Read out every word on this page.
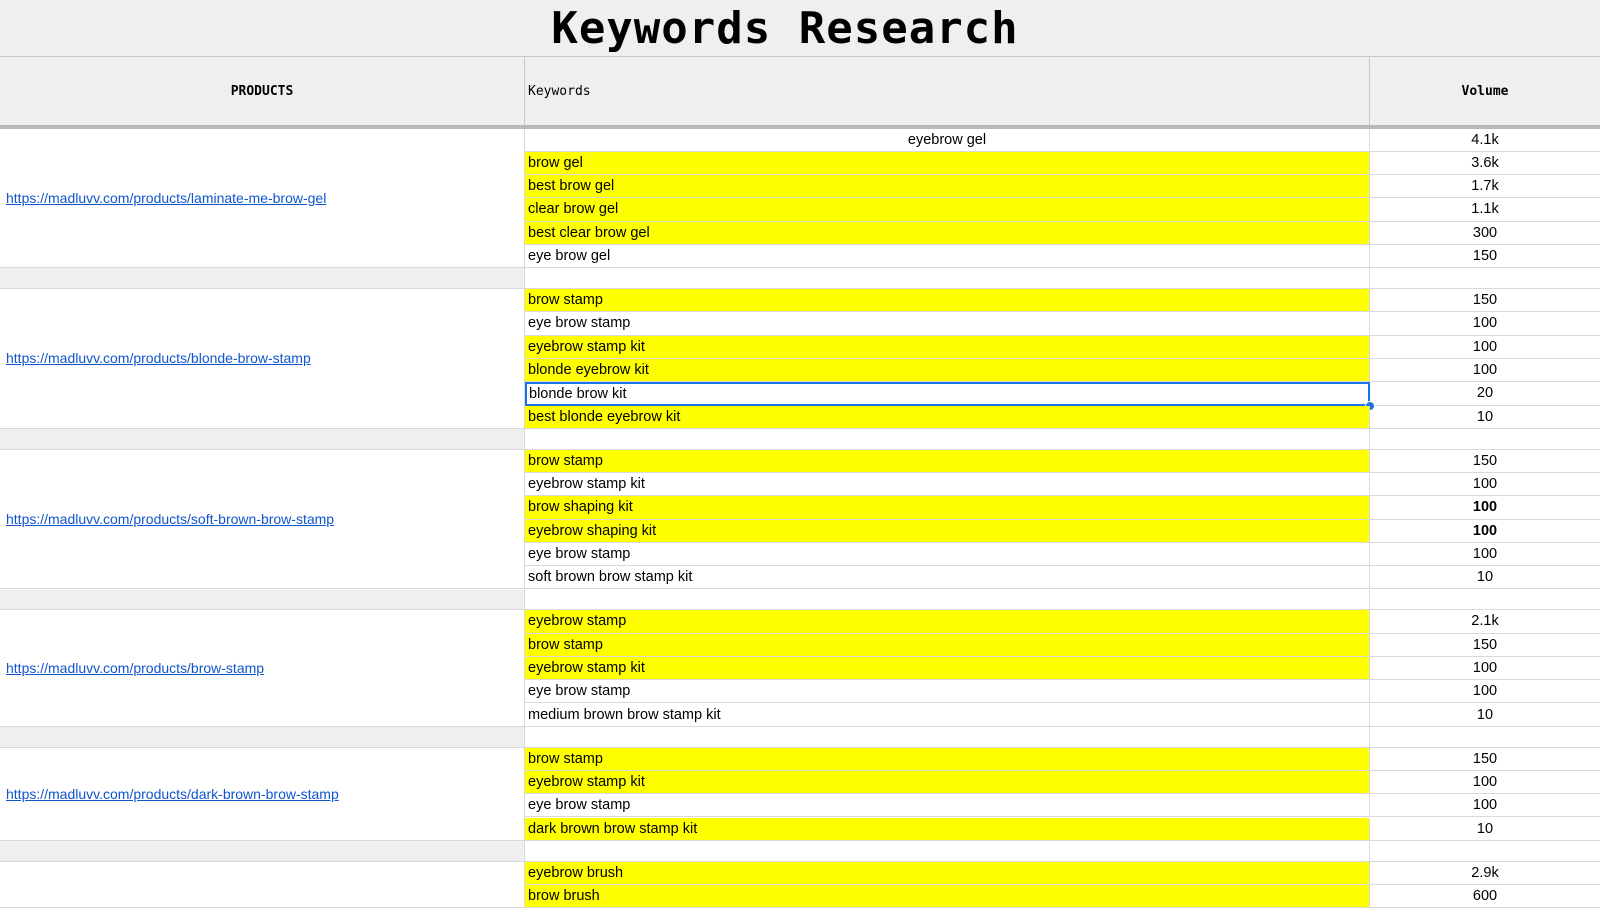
Keywords Research
PRODUCTS	Keywords	Volume
https://madluvv.com/products/laminate-me-brow-gel
eyebrow gel	4.1k
brow gel	3.6k
best brow gel	1.7k
clear brow gel	1.1k
best clear brow gel	300
eye brow gel	150
https://madluvv.com/products/blonde-brow-stamp
brow stamp	150
eye brow stamp	100
eyebrow stamp kit	100
blonde eyebrow kit	100
blonde brow kit	20
best blonde eyebrow kit	10
https://madluvv.com/products/soft-brown-brow-stamp
brow stamp	150
eyebrow stamp kit	100
brow shaping kit	100
eyebrow shaping kit	100
eye brow stamp	100
soft brown brow stamp kit	10
https://madluvv.com/products/brow-stamp
eyebrow stamp	2.1k
brow stamp	150
eyebrow stamp kit	100
eye brow stamp	100
medium brown brow stamp kit	10
https://madluvv.com/products/dark-brown-brow-stamp
brow stamp	150
eyebrow stamp kit	100
eye brow stamp	100
dark brown brow stamp kit	10
eyebrow brush	2.9k
brow brush	600
